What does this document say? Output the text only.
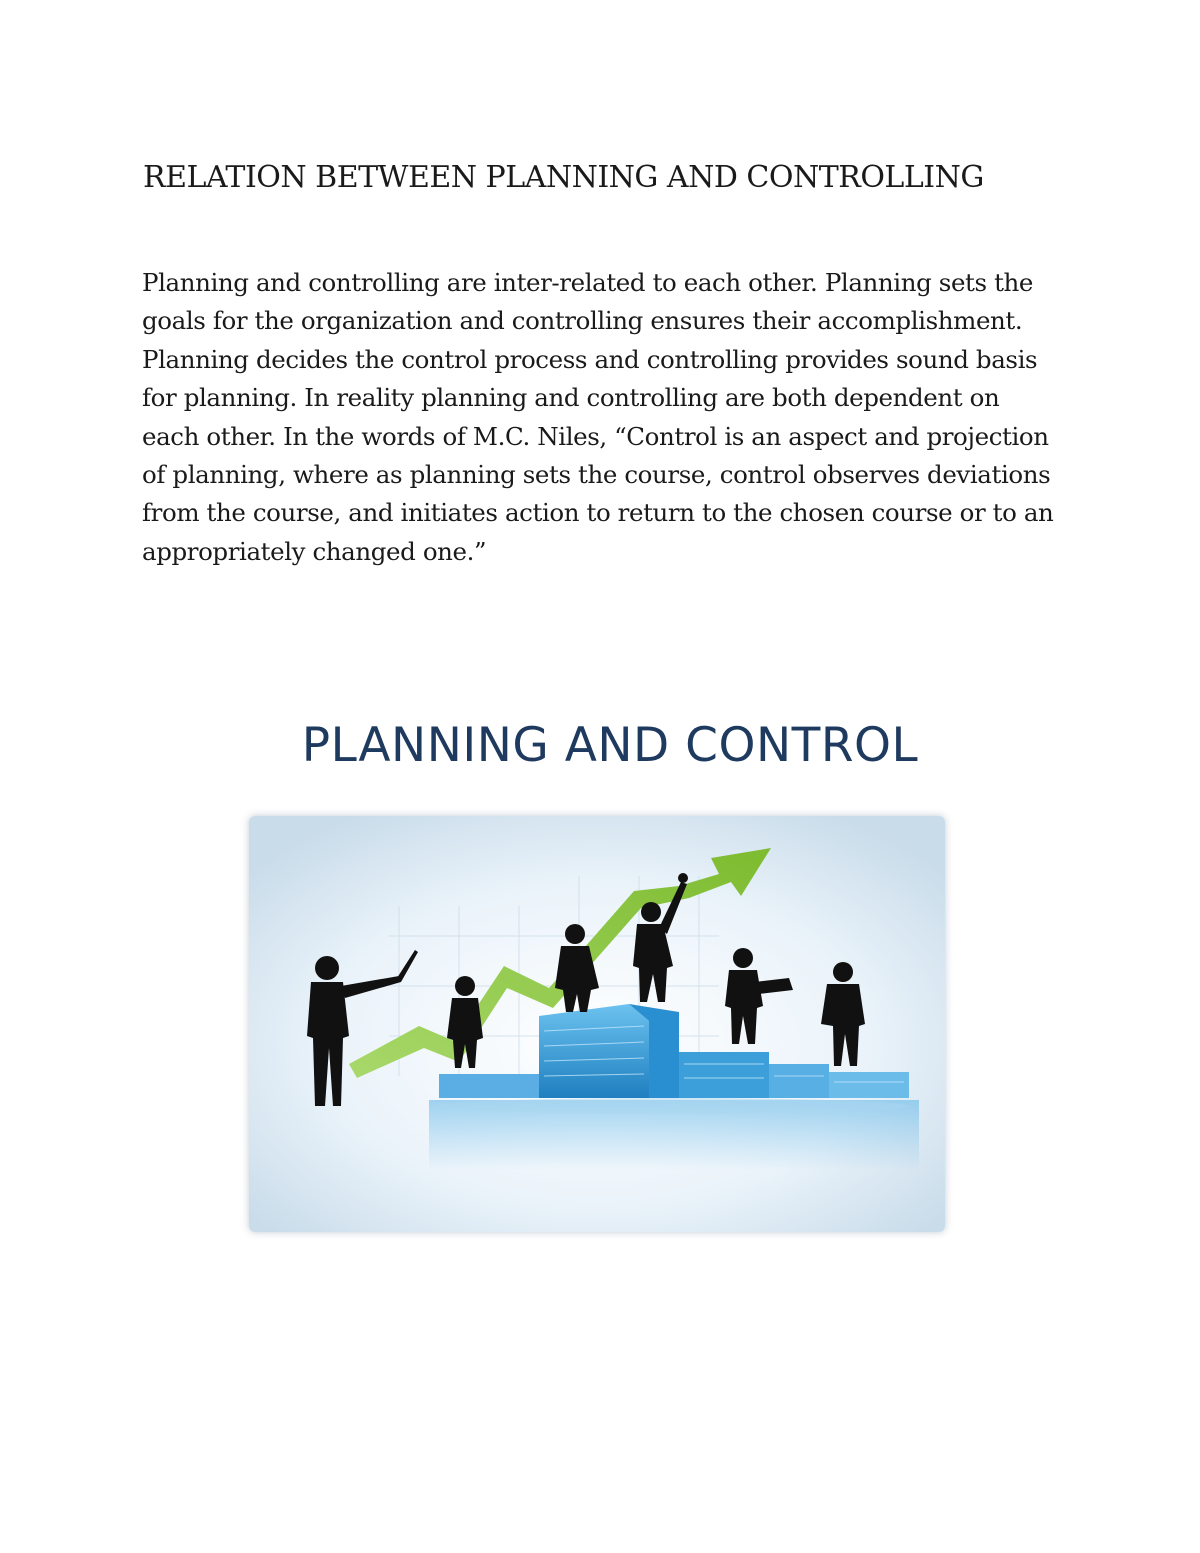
RELATION BETWEEN PLANNING AND CONTROLLING

Planning and controlling are inter-related to each other. Planning sets the goals for the organization and controlling ensures their accomplishment. Planning decides the control process and controlling provides sound basis for planning. In reality planning and controlling are both dependent on each other. In the words of M.C. Niles, “Control is an aspect and projection of planning, where as planning sets the course, control observes deviations from the course, and initiates action to return to the chosen course or to an appropriately changed one.”

PLANNING AND CONTROL
